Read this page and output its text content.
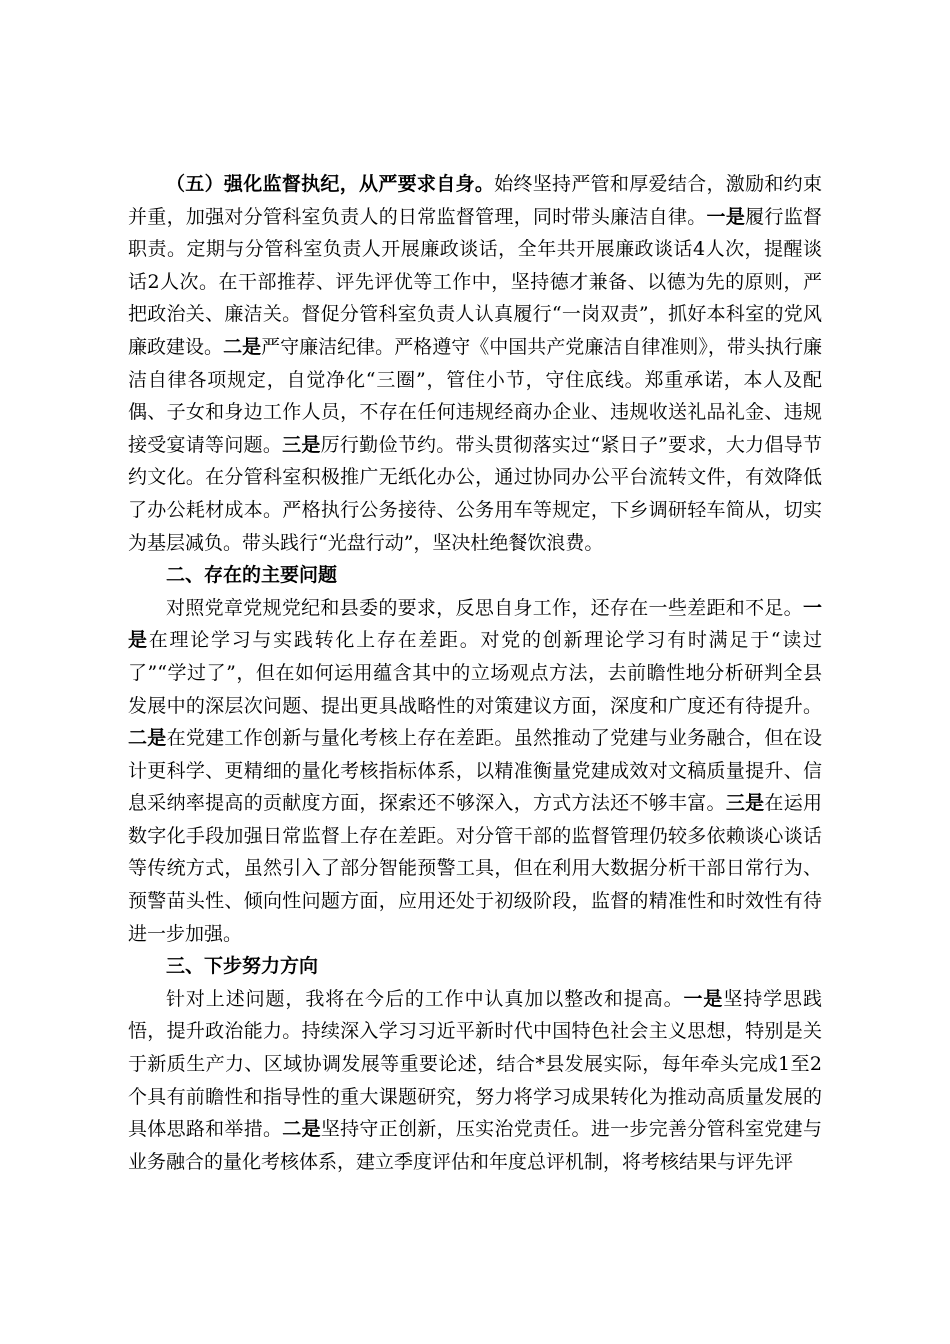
（五）强化监督执纪，从严要求自身。始终坚持严管和厚爱结合，激励和约束并重，加强对分管科室负责人的日常监督管理，同时带头廉洁自律。一是履行监督职责。定期与分管科室负责人开展廉政谈话，全年共开展廉政谈话4人次，提醒谈话2人次。在干部推荐、评先评优等工作中，坚持德才兼备、以德为先的原则，严把政治关、廉洁关。督促分管科室负责人认真履行“一岗双责”，抓好本科室的党风廉政建设。二是严守廉洁纪律。严格遵守《中国共产党廉洁自律准则》，带头执行廉洁自律各项规定，自觉净化“三圈”，管住小节，守住底线。郑重承诺，本人及配偶、子女和身边工作人员，不存在任何违规经商办企业、违规收送礼品礼金、违规接受宴请等问题。三是厉行勤俭节约。带头贯彻落实过“紧日子”要求，大力倡导节约文化。在分管科室积极推广无纸化办公，通过协同办公平台流转文件，有效降低了办公耗材成本。严格执行公务接待、公务用车等规定，下乡调研轻车简从，切实为基层减负。带头践行“光盘行动”，坚决杜绝餐饮浪费。

二、存在的主要问题

对照党章党规党纪和县委的要求，反思自身工作，还存在一些差距和不足。一是在理论学习与实践转化上存在差距。对党的创新理论学习有时满足于“读过了”“学过了”，但在如何运用蕴含其中的立场观点方法，去前瞻性地分析研判全县发展中的深层次问题、提出更具战略性的对策建议方面，深度和广度还有待提升。二是在党建工作创新与量化考核上存在差距。虽然推动了党建与业务融合，但在设计更科学、更精细的量化考核指标体系，以精准衡量党建成效对文稿质量提升、信息采纳率提高的贡献度方面，探索还不够深入，方式方法还不够丰富。三是在运用数字化手段加强日常监督上存在差距。对分管干部的监督管理仍较多依赖谈心谈话等传统方式，虽然引入了部分智能预警工具，但在利用大数据分析干部日常行为、预警苗头性、倾向性问题方面，应用还处于初级阶段，监督的精准性和时效性有待进一步加强。

三、下步努力方向

针对上述问题，我将在今后的工作中认真加以整改和提高。一是坚持学思践悟，提升政治能力。持续深入学习习近平新时代中国特色社会主义思想，特别是关于新质生产力、区域协调发展等重要论述，结合*县发展实际，每年牵头完成1至2个具有前瞻性和指导性的重大课题研究，努力将学习成果转化为推动高质量发展的具体思路和举措。二是坚持守正创新，压实治党责任。进一步完善分管科室党建与业务融合的量化考核体系，建立季度评估和年度总评机制，将考核结果与评先评
